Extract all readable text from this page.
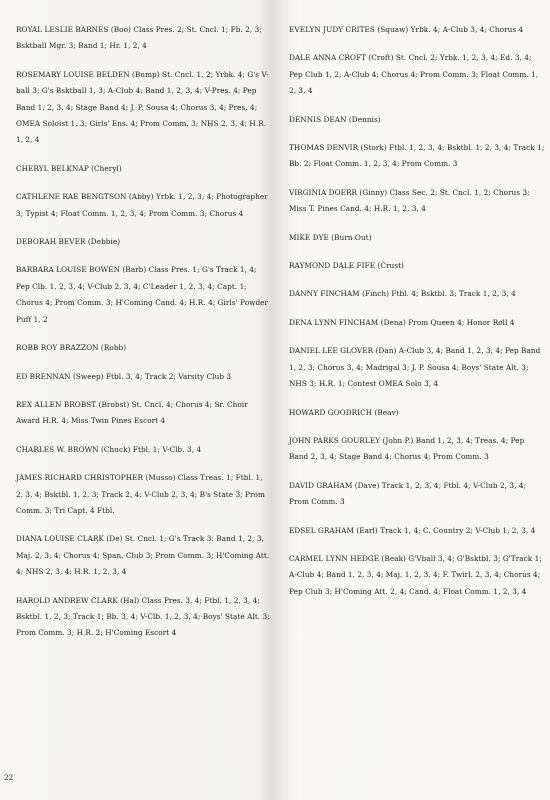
ROYAL LESLIE BARNES (Boo) Class Pres. 2; St. Cncl. 1; Fb. 2, 3; Bsktball Mgr. 3; Band 1; Hr. 1, 2, 4

ROSEMARY LOUISE BELDEN (Bump) St. Cncl. 1, 2; Yrbk. 4; G's V-ball 3; G's Bsktball 1, 3; A-Club 4; Band 1, 2, 3, 4; V-Pres. 4; Pep Band 1, 2, 3, 4; Stage Band 4; J. P. Sousa 4; Chorus 3, 4; Pres. 4; OMEA Soloist 1, 3; Girls' Ens. 4; Prom Comm. 3; NHS 2, 3, 4; H.R. 1, 2, 4

CHERYL BELKNAP (Cheryl)

CATHLENE RAE BENGTSON (Abby) Yrbk. 1, 2, 3, 4; Photographer 3; Typist 4; Float Comm. 1, 2, 3, 4; Prom Comm. 3; Chorus 4

DEBORAH BEVER (Debbie)

BARBARA LOUISE BOWEN (Barb) Class Pres. 1; G's Track 1, 4; Pep Clb. 1, 2, 3, 4; V-Club 2, 3, 4; C'Leader 1, 2, 3, 4; Capt. 1; Chorus 4; Prom Comm. 3; H'Coming Cand. 4; H.R. 4; Girls' Powder Puff 1, 2

ROBB ROY BRAZZON (Robb)

ED BRENNAN (Sweep) Ftbl. 3, 4; Track 2; Varsity Club 3

REX ALLEN BROBST (Brobst) St. Cncl. 4; Chorus 4; Sr. Choir Award H.R. 4; Miss Twin Pines Escort 4

CHARLES W. BROWN (Chuck) Ftbl. 1; V-Clb. 3, 4

JAMES RICHARD CHRISTOPHER (Musso) Class Treas. 1; Ftbl. 1, 2, 3, 4; Bsktbl. 1, 2, 3; Track 2, 4; V-Club 2, 3, 4; B's State 3; Prom Comm. 3; Tri Capt. 4 Ftbl.

DIANA LOUISE CLARK (De) St. Cncl. 1; G's Track 3; Band 1, 2, 3, Maj. 2, 3, 4; Chorus 4; Span. Club 3; Prom Comm. 3; H'Coming Att. 4; NHS 2, 3, 4; H.R. 1, 2, 3, 4

HAROLD ANDREW CLARK (Hal) Class Pres. 3, 4; Ftbl. 1, 2, 3, 4; Bsktbl. 1, 2, 3; Track 1; Bb. 3, 4; V-Clb. 1, 2, 3, 4; Boys' State Alt. 3; Prom Comm. 3; H.R. 2; H'Coming Escort 4

EVELYN JUDY CRITES (Squaw) Yrbk. 4; A-Club 3, 4; Chorus 4

DALE ANNA CROFT (Croft) St. Cncl. 2; Yrbk. 1, 2, 3, 4; Ed. 3, 4; Pep Club 1, 2; A-Club 4; Chorus 4; Prom Comm. 3; Float Comm. 1, 2, 3, 4

DENNIS DEAN (Dennis)

THOMAS DENVIR (Stork) Ftbl. 1, 2, 3, 4; Bsktbl. 1, 2, 3, 4; Track 1; Bb. 2; Float Comm. 1, 2, 3, 4; Prom Comm. 3

VIRGINIA DOERR (Ginny) Class Sec. 2; St. Cncl. 1, 2; Chorus 3; Miss T. Pines Cand. 4; H.R. 1, 2, 3, 4

MIKE DYE (Burn Out)

RAYMOND DALE FIFE (Crust)

DANNY FINCHAM (Finch) Ftbl. 4; Bsktbl. 3; Track 1, 2, 3, 4

DENA LYNN FINCHAM (Dena) Prom Queen 4; Honor Roll 4

DANIEL LEE GLOVER (Dan) A-Club 3, 4; Band 1, 2, 3, 4; Pep Band 1, 2, 3; Chorus 3, 4; Madrigal 3; J. P. Sousa 4; Boys' State Alt. 3; NHS 3; H.R. 1; Contest OMEA Solo 3, 4

HOWARD GOODRICH (Beav)

JOHN PARKS GOURLEY (John P.) Band 1, 2, 3, 4; Treas. 4; Pep Band 2, 3, 4; Stage Band 4; Chorus 4; Prom Comm. 3

DAVID GRAHAM (Dave) Track 1, 2, 3, 4; Ftbl. 4; V-Club 2, 3, 4; Prom Comm. 3

EDSEL GRAHAM (Earl) Track 1, 4; C. Country 2; V-Club 1, 2, 3, 4

CARMEL LYNN HEDGE (Beak) G'Vball 3, 4; G'Bsktbl. 3; G'Track 1; A-Club 4; Band 1, 2, 3, 4; Maj. 1, 2, 3, 4; F. Twirl. 2, 3, 4; Chorus 4; Pep Club 3; H'Coming Att. 2, 4; Cand. 4; Float Comm. 1, 2, 3, 4

22
